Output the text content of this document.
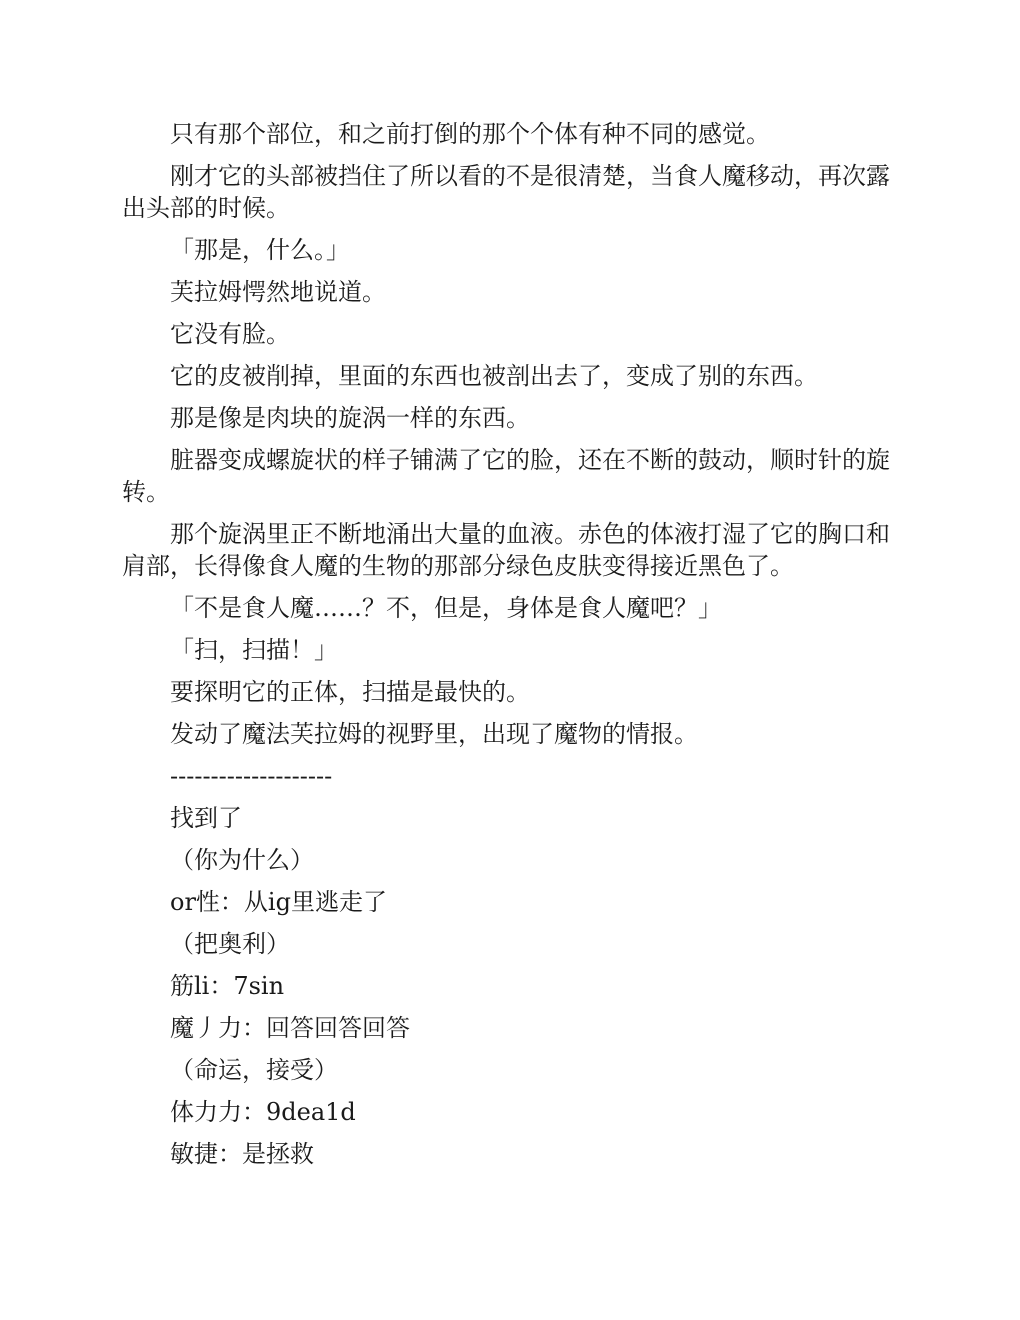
只有那个部位，和之前打倒的那个个体有种不同的感觉。

刚才它的头部被挡住了所以看的不是很清楚，当食人魔移动，再次露出头部的时候。

「那是，什么。」

芙拉姆愕然地说道。

它没有脸。

它的皮被削掉，里面的东西也被剖出去了，变成了别的东西。

那是像是肉块的旋涡一样的东西。

脏器变成螺旋状的样子铺满了它的脸，还在不断的鼓动，顺时针的旋转。

那个旋涡里正不断地涌出大量的血液。赤色的体液打湿了它的胸口和肩部，长得像食人魔的生物的那部分绿色皮肤变得接近黑色了。

「不是食人魔……？不，但是，身体是食人魔吧？」

「扫，扫描！」

要探明它的正体，扫描是最快的。

发动了魔法芙拉姆的视野里，出现了魔物的情报。

--------------------

找到了

（你为什么）

or性：从ig里逃走了

（把奥利）

筋li：7sin

魔丿力：回答回答回答

（命运，接受）

体力力：9dea1d

敏捷：是拯救
